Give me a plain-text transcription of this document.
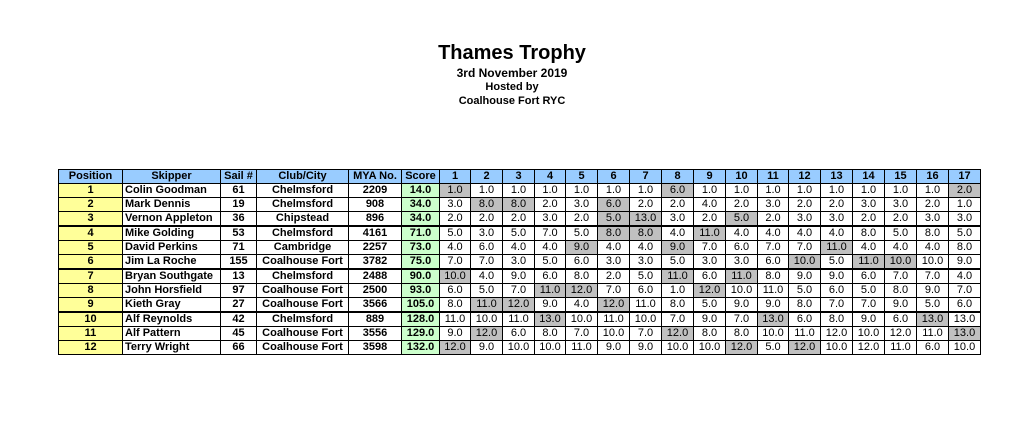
Thames Trophy
3rd November 2019
Hosted by
Coalhouse Fort RYC
Position	Skipper	Sail #	Club/City	MYA No.	Score	1	2	3	4	5	6	7	8	9	10	11	12	13	14	15	16	17
1	Colin Goodman	61	Chelmsford	2209	14.0	1.0	1.0	1.0	1.0	1.0	1.0	1.0	6.0	1.0	1.0	1.0	1.0	1.0	1.0	1.0	1.0	2.0
2	Mark Dennis	19	Chelmsford	908	34.0	3.0	8.0	8.0	2.0	3.0	6.0	2.0	2.0	4.0	2.0	3.0	2.0	2.0	3.0	3.0	2.0	1.0
3	Vernon Appleton	36	Chipstead	896	34.0	2.0	2.0	2.0	3.0	2.0	5.0	13.0	3.0	2.0	5.0	2.0	3.0	3.0	2.0	2.0	3.0	3.0
4	Mike Golding	53	Chelmsford	4161	71.0	5.0	3.0	5.0	7.0	5.0	8.0	8.0	4.0	11.0	4.0	4.0	4.0	4.0	8.0	5.0	8.0	5.0
5	David Perkins	71	Cambridge	2257	73.0	4.0	6.0	4.0	4.0	9.0	4.0	4.0	9.0	7.0	6.0	7.0	7.0	11.0	4.0	4.0	4.0	8.0
6	Jim La Roche	155	Coalhouse Fort	3782	75.0	7.0	7.0	3.0	5.0	6.0	3.0	3.0	5.0	3.0	3.0	6.0	10.0	5.0	11.0	10.0	10.0	9.0
7	Bryan Southgate	13	Chelmsford	2488	90.0	10.0	4.0	9.0	6.0	8.0	2.0	5.0	11.0	6.0	11.0	8.0	9.0	9.0	6.0	7.0	7.0	4.0
8	John Horsfield	97	Coalhouse Fort	2500	93.0	6.0	5.0	7.0	11.0	12.0	7.0	6.0	1.0	12.0	10.0	11.0	5.0	6.0	5.0	8.0	9.0	7.0
9	Kieth Gray	27	Coalhouse Fort	3566	105.0	8.0	11.0	12.0	9.0	4.0	12.0	11.0	8.0	5.0	9.0	9.0	8.0	7.0	7.0	9.0	5.0	6.0
10	Alf Reynolds	42	Chelmsford	889	128.0	11.0	10.0	11.0	13.0	10.0	11.0	10.0	7.0	9.0	7.0	13.0	6.0	8.0	9.0	6.0	13.0	13.0
11	Alf Pattern	45	Coalhouse Fort	3556	129.0	9.0	12.0	6.0	8.0	7.0	10.0	7.0	12.0	8.0	8.0	10.0	11.0	12.0	10.0	12.0	11.0	13.0
12	Terry Wright	66	Coalhouse Fort	3598	132.0	12.0	9.0	10.0	10.0	11.0	9.0	9.0	10.0	10.0	12.0	5.0	12.0	10.0	12.0	11.0	6.0	10.0
